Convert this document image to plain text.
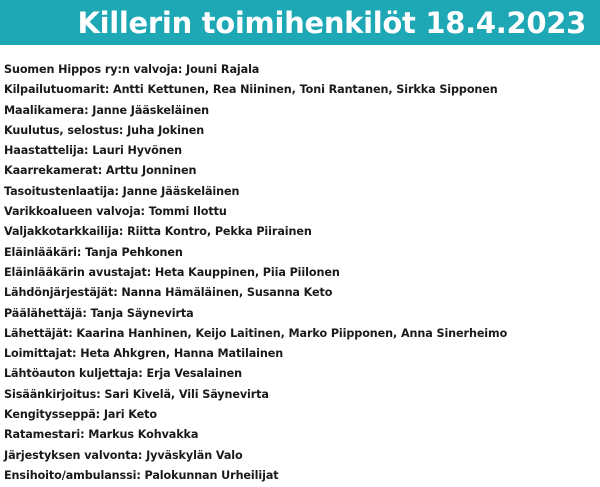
Killerin toimihenkilöt 18.4.2023
Suomen Hippos ry:n valvoja: Jouni Rajala
Kilpailutuomarit: Antti Kettunen, Rea Niininen, Toni Rantanen, Sirkka Sipponen
Maalikamera: Janne Jääskeläinen
Kuulutus, selostus: Juha Jokinen
Haastattelija: Lauri Hyvönen
Kaarrekamerat: Arttu Jonninen
Tasoitustenlaatija: Janne Jääskeläinen
Varikkoalueen valvoja: Tommi Ilottu
Valjakkotarkkailija: Riitta Kontro, Pekka Piirainen
Eläinlääkäri: Tanja Pehkonen
Eläinlääkärin avustajat: Heta Kauppinen, Piia Piilonen
Lähdönjärjestäjät: Nanna Hämäläinen, Susanna Keto
Päälähettäjä: Tanja Säynevirta
Lähettäjät: Kaarina Hanhinen, Keijo Laitinen, Marko Piipponen, Anna Sinerheimo
Loimittajat: Heta Ahkgren, Hanna Matilainen
Lähtöauton kuljettaja: Erja Vesalainen
Sisäänkirjoitus: Sari Kivelä, Vili Säynevirta
Kengitysseppä: Jari Keto
Ratamestari: Markus Kohvakka
Järjestyksen valvonta: Jyväskylän Valo
Ensihoito/ambulanssi: Palokunnan Urheilijat
